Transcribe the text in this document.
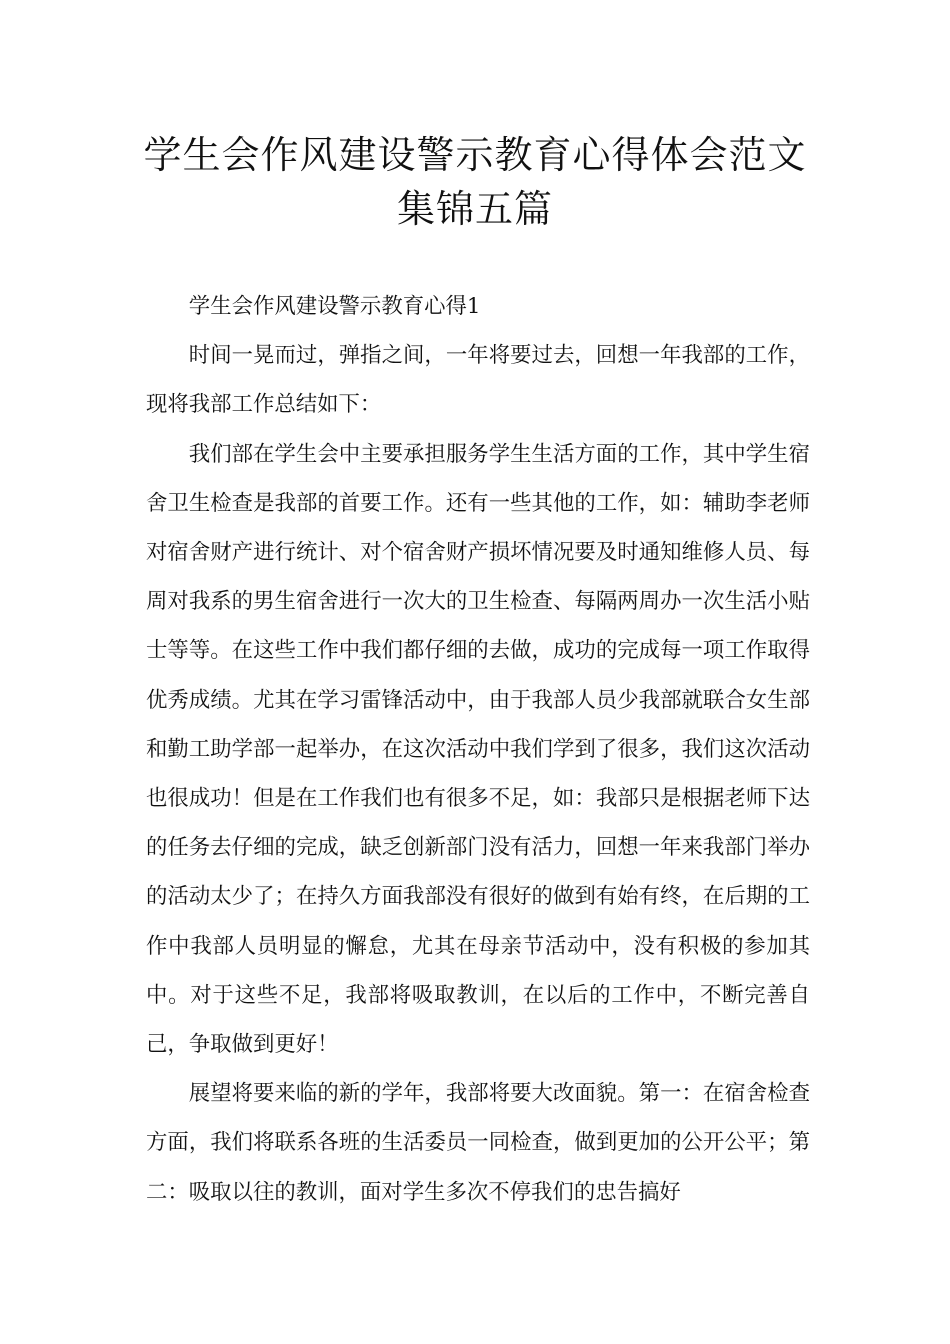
学生会作风建设警示教育心得体会范文
集锦五篇

学生会作风建设警示教育心得1

时间一晃而过，弹指之间，一年将要过去，回想一年我部的工作，现将我部工作总结如下：

我们部在学生会中主要承担服务学生生活方面的工作，其中学生宿舍卫生检查是我部的首要工作。还有一些其他的工作，如：辅助李老师对宿舍财产进行统计、对个宿舍财产损坏情况要及时通知维修人员、每周对我系的男生宿舍进行一次大的卫生检查、每隔两周办一次生活小贴士等等。在这些工作中我们都仔细的去做，成功的完成每一项工作取得优秀成绩。尤其在学习雷锋活动中，由于我部人员少我部就联合女生部和勤工助学部一起举办，在这次活动中我们学到了很多，我们这次活动也很成功！但是在工作我们也有很多不足，如：我部只是根据老师下达的任务去仔细的完成，缺乏创新部门没有活力，回想一年来我部门举办的活动太少了；在持久方面我部没有很好的做到有始有终，在后期的工作中我部人员明显的懈怠，尤其在母亲节活动中，没有积极的参加其中。对于这些不足，我部将吸取教训，在以后的工作中，不断完善自己，争取做到更好！

展望将要来临的新的学年，我部将要大改面貌。第一：在宿舍检查方面，我们将联系各班的生活委员一同检查，做到更加的公开公平；第二：吸取以往的教训，面对学生多次不停我们的忠告搞好
